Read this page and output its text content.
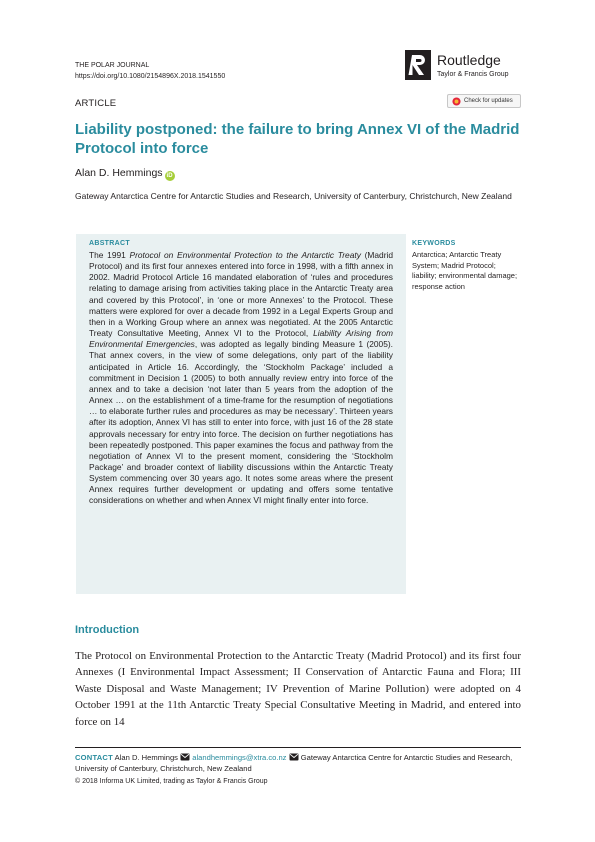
THE POLAR JOURNAL
https://doi.org/10.1080/2154896X.2018.1541550
Routledge
Taylor & Francis Group
ARTICLE	Check for updates
Liability postponed: the failure to bring Annex VI of the Madrid Protocol into force
Alan D. Hemmings iD
Gateway Antarctica Centre for Antarctic Studies and Research, University of Canterbury, Christchurch, New Zealand
ABSTRACT
The 1991 Protocol on Environmental Protection to the Antarctic Treaty (Madrid Protocol) and its first four annexes entered into force in 1998, with a fifth annex in 2002. Madrid Protocol Article 16 mandated elaboration of ‘rules and procedures relating to damage arising from activities taking place in the Antarctic Treaty area and covered by this Protocol’, in ‘one or more Annexes’ to the Protocol. These matters were explored for over a decade from 1992 in a Legal Experts Group and then in a Working Group where an annex was negotiated. At the 2005 Antarctic Treaty Consultative Meeting, Annex VI to the Protocol, Liability Arising from Environmental Emergencies, was adopted as legally binding Measure 1 (2005). That annex covers, in the view of some delegations, only part of the liability anticipated in Article 16. Accordingly, the ‘Stockholm Package’ included a commitment in Decision 1 (2005) to both annually review entry into force of the annex and to take a decision ‘not later than 5 years from the adoption of the Annex … on the establishment of a time-frame for the resumption of negotiations … to elaborate further rules and procedures as may be necessary’. Thirteen years after its adoption, Annex VI has still to enter into force, with just 16 of the 28 state approvals necessary for entry into force. The decision on further negotiations has been repeatedly postponed. This paper examines the focus and pathway from the negotiation of Annex VI to the present moment, considering the ‘Stockholm Package’ and broader context of liability discussions within the Antarctic Treaty System commencing over 30 years ago. It notes some areas where the present Annex requires further development or updating and offers some tentative considerations on whether and when Annex VI might finally enter into force.
KEYWORDS
Antarctica; Antarctic Treaty System; Madrid Protocol; liability; environmental damage; response action
Introduction
The Protocol on Environmental Protection to the Antarctic Treaty (Madrid Protocol) and its first four Annexes (I Environmental Impact Assessment; II Conservation of Antarctic Fauna and Flora; III Waste Disposal and Waste Management; IV Prevention of Marine Pollution) were adopted on 4 October 1991 at the 11th Antarctic Treaty Special Consultative Meeting in Madrid, and entered into force on 14
CONTACT Alan D. Hemmings alandhemmings@xtra.co.nz Gateway Antarctica Centre for Antarctic Studies and Research, University of Canterbury, Christchurch, New Zealand
© 2018 Informa UK Limited, trading as Taylor & Francis Group
